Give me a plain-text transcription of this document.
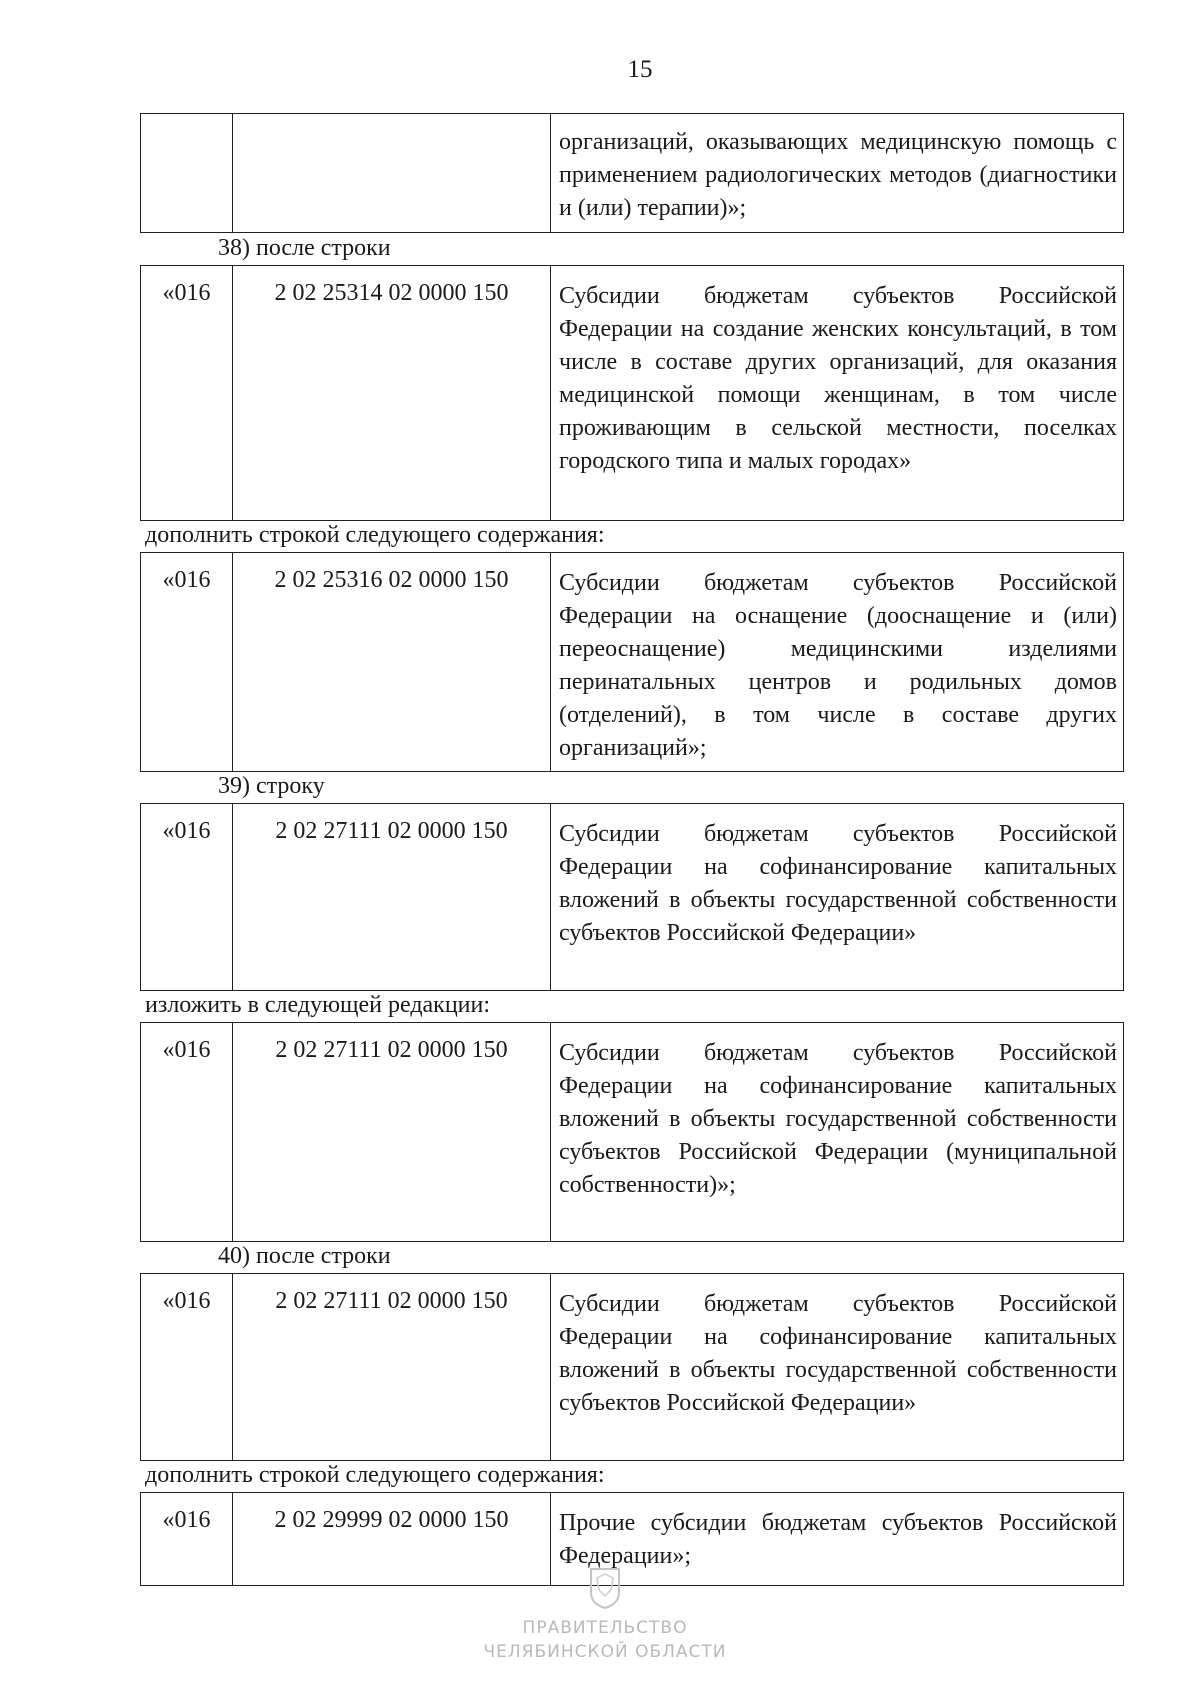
15
организаций, оказывающих медицинскую помощь с применением радиологических методов (диагностики и (или) терапии)»;
38) после строки
«016	2 02 25314 02 0000 150	Субсидии бюджетам субъектов Российской Федерации на создание женских консультаций, в том числе в составе других организаций, для оказания медицинской помощи женщинам, в том числе проживающим в сельской местности, поселках городского типа и малых городах»
дополнить строкой следующего содержания:
«016	2 02 25316 02 0000 150	Субсидии бюджетам субъектов Российской Федерации на оснащение (дооснащение и (или) переоснащение) медицинскими изделиями перинатальных центров и родильных домов (отделений), в том числе в составе других организаций»;
39) строку
«016	2 02 27111 02 0000 150	Субсидии бюджетам субъектов Российской Федерации на софинансирование капитальных вложений в объекты государственной собственности субъектов Российской Федерации»
изложить в следующей редакции:
«016	2 02 27111 02 0000 150	Субсидии бюджетам субъектов Российской Федерации на софинансирование капитальных вложений в объекты государственной собственности субъектов Российской Федерации (муниципальной собственности)»;
40) после строки
«016	2 02 27111 02 0000 150	Субсидии бюджетам субъектов Российской Федерации на софинансирование капитальных вложений в объекты государственной собственности субъектов Российской Федерации»
дополнить строкой следующего содержания:
«016	2 02 29999 02 0000 150	Прочие субсидии бюджетам субъектов Российской Федерации»;
ПРАВИТЕЛЬСТВО
ЧЕЛЯБИНСКОЙ ОБЛАСТИ
